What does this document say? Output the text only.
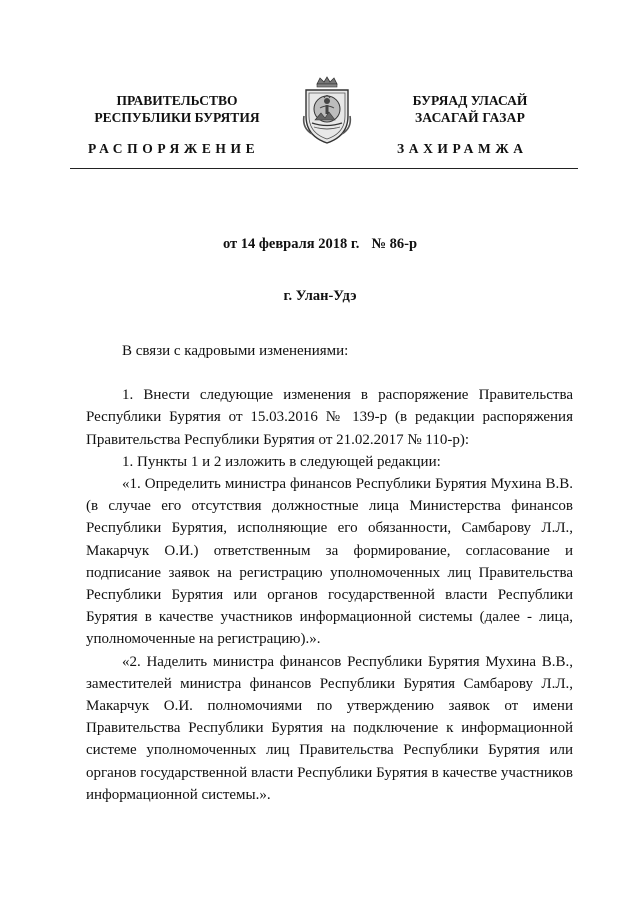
ПРАВИТЕЛЬСТВО
РЕСПУБЛИКИ БУРЯТИЯ
БУРЯАД УЛАСАЙ
ЗАСАГАЙ ГАЗАР
РАСПОРЯЖЕНИЕ	ЗАХИРАМЖА
от 14 февраля 2018 г. № 86-р
г. Улан-Удэ

В связи с кадровыми изменениями:

1. Внести следующие изменения в распоряжение Правительства Республики Бурятия от 15.03.2016 № 139-р (в редакции распоряжения Правительства Республики Бурятия от 21.02.2017 № 110-р):

1. Пункты 1 и 2 изложить в следующей редакции:

«1. Определить министра финансов Республики Бурятия Мухина В.В. (в случае его отсутствия должностные лица Министерства финансов Республики Бурятия, исполняющие его обязанности, Самбарову Л.Л., Макарчук О.И.) ответственным за формирование, согласование и подписание заявок на регистрацию уполномоченных лиц Правительства Республики Бурятия или органов государственной власти Республики Бурятия в качестве участников информационной системы (далее - лица, уполномоченные на регистрацию).».

«2. Наделить министра финансов Республики Бурятия Мухина В.В., заместителей министра финансов Республики Бурятия Самбарову Л.Л., Макарчук О.И. полномочиями по утверждению заявок от имени Правительства Республики Бурятия на подключение к информационной системе уполномоченных лиц Правительства Республики Бурятия или органов государственной власти Республики Бурятия в качестве участников информационной системы.».
